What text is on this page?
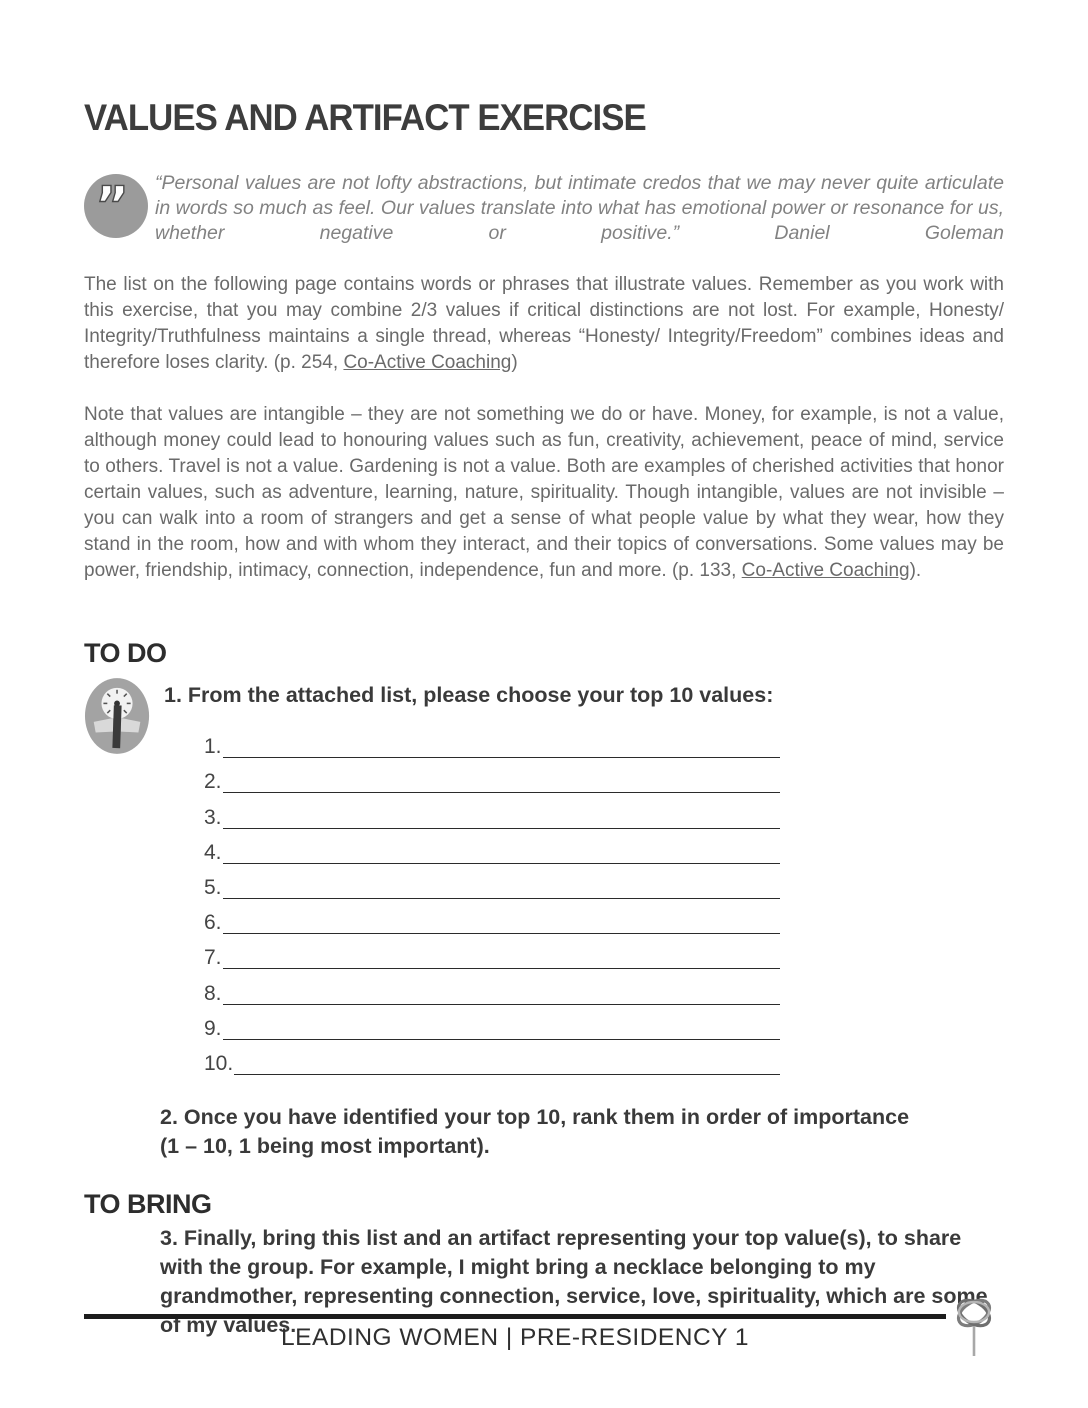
VALUES AND ARTIFACT EXERCISE
” “Personal values are not lofty abstractions, but intimate credos that we may never quite articulate in words so much as feel. Our values translate into what has emotional power or resonance for us, whether negative or positive.” Daniel Goleman

The list on the following page contains words or phrases that illustrate values. Remember as you work with this exercise, that you may combine 2/3 values if critical distinctions are not lost. For example, Honesty/ Integrity/Truthfulness maintains a single thread, whereas “Honesty/ Integrity/Freedom” combines ideas and therefore loses clarity. (p. 254, Co-Active Coaching)

Note that values are intangible – they are not something we do or have. Money, for example, is not a value, although money could lead to honouring values such as fun, creativity, achievement, peace of mind, service to others. Travel is not a value. Gardening is not a value. Both are examples of cherished activities that honor certain values, such as adventure, learning, nature, spirituality. Though intangible, values are not invisible – you can walk into a room of strangers and get a sense of what people value by what they wear, how they stand in the room, how and with whom they interact, and their topics of conversations. Some values may be power, friendship, intimacy, connection, independence, fun and more. (p. 133, Co-Active Coaching).

TO DO
1. From the attached list, please choose your top 10 values:
1.
2.
3.
4.
5.
6.
7.
8.
9.
10.
2. Once you have identified your top 10, rank them in order of importance
(1 – 10, 1 being most important).
TO BRING
3. Finally, bring this list and an artifact representing your top value(s), to share with the group. For example, I might bring a necklace belonging to my grandmother, representing connection, service, love, spirituality, which are some of my values.
LEADING WOMEN | PRE-RESIDENCY 1
